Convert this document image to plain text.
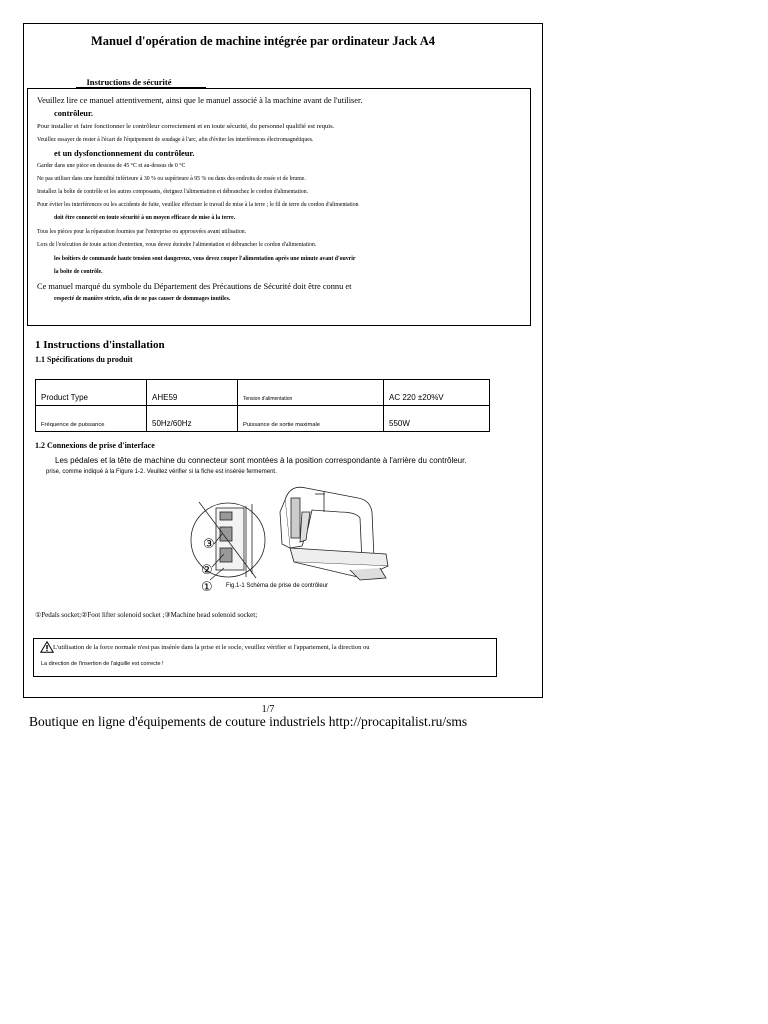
Manuel d'opération de machine intégrée par ordinateur Jack A4
Instructions de sécurité
Veuillez lire ce manuel attentivement, ainsi que le manuel associé à la machine avant de l'utiliser.
contrôleur.
Pour installer et faire fonctionner le contrôleur correctement et en toute sécurité, du personnel qualifié est requis.
Veuillez essayer de rester à l'écart de l'équipement de soudage à l'arc, afin d'éviter les interférences électromagnétiques.
et un dysfonctionnement du contrôleur.
Garder dans une pièce en dessous de 45 °C et au-dessus de 0 °C
Ne pas utiliser dans une humidité inférieure à 30 % ou supérieure à 95 % ou dans des endroits de rosée et de brume.
Installez la boîte de contrôle et les autres composants, éteignez l'alimentation et débranchez le cordon d'alimentation.
Pour éviter les interférences ou les accidents de fuite, veuillez effectuer le travail de mise à la terre ; le fil de terre du cordon d'alimentation
doit être connecté en toute sécurité à un moyen efficace de mise à la terre.
Tous les pièces pour la réparation fournies par l'entreprise ou approuvées avant utilisation.
Lors de l'exécution de toute action d'entretien, vous devez éteindre l'alimentation et débrancher le cordon d'alimentation.
les boîtiers de commande haute tension sont dangereux, vous devez couper l'alimentation après une minute avant d'ouvrir
la boîte de contrôle.
Ce manuel marqué du symbole du Département des Précautions de Sécurité doit être connu et
respecté de manière stricte, afin de ne pas causer de dommages inutiles.
1 Instructions d'installation
1.1 Spécifications du produit
Product Type	AHE59	Tension d'alimentation	AC 220 ±20%V
Fréquence de puissance	50Hz/60Hz	Puissance de sortie maximale	550W
1.2 Connexions de prise d'interface
Les pédales et la tête de machine du connecteur sont montées à la position correspondante à l'arrière du contrôleur.
prise, comme indiqué à la Figure 1-2. Veuillez vérifier si la fiche est insérée fermement.
③
②
① Fig.1-1 Schéma de prise de contrôleur
①Pedals socket;②Foot lifter solenoid socket ;③Machine head solenoid socket;
L'utilisation de la force normale n'est pas insérée dans la prise et le socle, veuillez vérifier si l'appariement, la direction ou
La direction de l'insertion de l'aiguille est correcte !
1/7
Boutique en ligne d'équipements de couture industriels http://procapitalist.ru/sms
